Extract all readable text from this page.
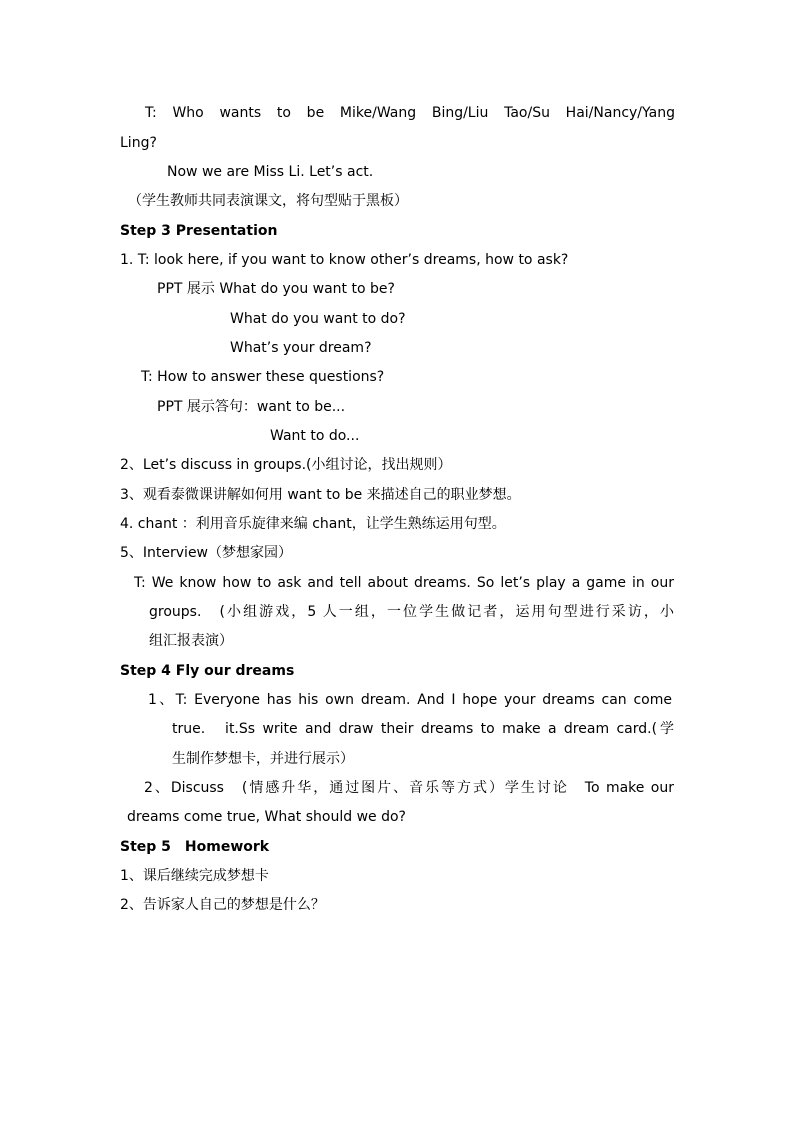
T: Who wants to be Mike/Wang Bing/Liu Tao/Su Hai/Nancy/Yang
Ling?
Now we are Miss Li. Let’s act.
（学生教师共同表演课文，将句型贴于黑板）
Step 3 Presentation
1. T: look here, if you want to know other’s dreams, how to ask?
PPT 展示 What do you want to be?
What do you want to do?
What’s your dream?
T: How to answer these questions?
PPT 展示答句：want to be...
Want to do...
2、Let’s discuss in groups.(小组讨论，找出规则）
3、观看泰微课讲解如何用 want to be 来描述自己的职业梦想。
4. chant ：利用音乐旋律来编 chant，让学生熟练运用句型。
5、Interview（梦想家园）
T: We know how to ask and tell about dreams. So let’s play a game in our
groups.　(小组游戏，5 人一组，一位学生做记者，运用句型进行采访，小
组汇报表演）
Step 4 Fly our dreams
1、T: Everyone has his own dream. And I hope your dreams can come
true.　it.Ss write and draw their dreams to make a dream card.(学
生制作梦想卡，并进行展示）
2、Discuss　(情感升华，通过图片、音乐等方式）学生讨论　To make our
dreams come true, What should we do?
Step 5　Homework
1、课后继续完成梦想卡
2、告诉家人自己的梦想是什么？
